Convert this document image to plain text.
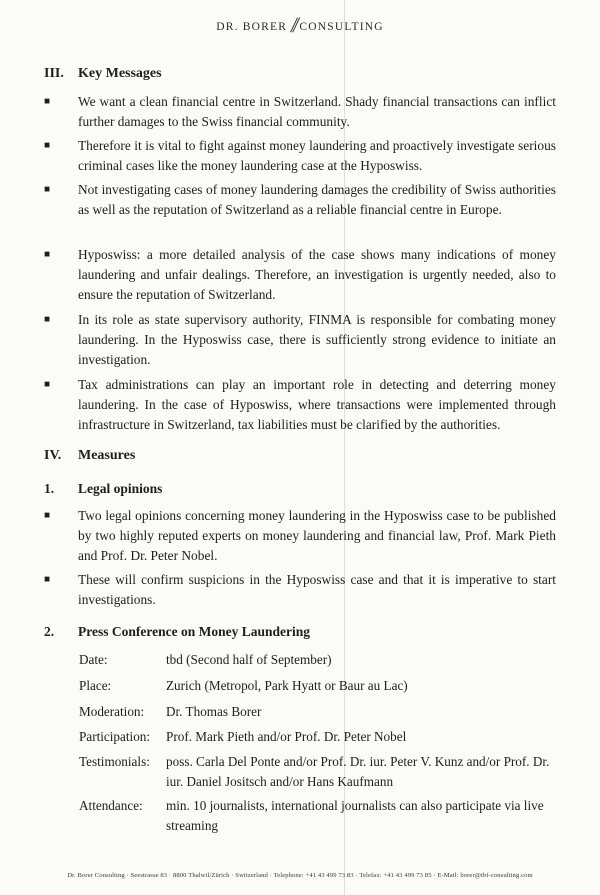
DR. BORER // CONSULTING
III. Key Messages
■ We want a clean financial centre in Switzerland. Shady financial transactions can inflict further damages to the Swiss financial community.
■ Therefore it is vital to fight against money laundering and proactively investigate serious criminal cases like the money laundering case at the Hyposwiss.
■ Not investigating cases of money laundering damages the credibility of Swiss authorities as well as the reputation of Switzerland as a reliable financial centre in Europe.
■ Hyposwiss: a more detailed analysis of the case shows many indications of money laundering and unfair dealings. Therefore, an investigation is urgently needed, also to ensure the reputation of Switzerland.
■ In its role as state supervisory authority, FINMA is responsible for combating money laundering. In the Hyposwiss case, there is sufficiently strong evidence to initiate an investigation.
■ Tax administrations can play an important role in detecting and deterring money laundering. In the case of Hyposwiss, where transactions were implemented through infrastructure in Switzerland, tax liabilities must be clarified by the authorities.
IV. Measures
1. Legal opinions
■ Two legal opinions concerning money laundering in the Hyposwiss case to be published by two highly reputed experts on money laundering and financial law, Prof. Mark Pieth and Prof. Dr. Peter Nobel.
■ These will confirm suspicions in the Hyposwiss case and that it is imperative to start investigations.
2. Press Conference on Money Laundering
Date:	tbd (Second half of September)
Place:	Zurich (Metropol, Park Hyatt or Baur au Lac)
Moderation:	Dr. Thomas Borer
Participation:	Prof. Mark Pieth and/or Prof. Dr. Peter Nobel
Testimonials:	poss. Carla Del Ponte and/or Prof. Dr. iur. Peter V. Kunz and/or Prof. Dr. iur. Daniel Jositsch and/or Hans Kaufmann
Attendance:	min. 10 journalists, international journalists can also participate via live streaming
Dr. Borer Consulting · Seestrasse 83 · 8800 Thalwil/Zürich · Switzerland · Telephone: +41 43 499 73 83 · Telefax: +41 43 499 73 85 · E-Mail: borer@tbf-consulting.com
